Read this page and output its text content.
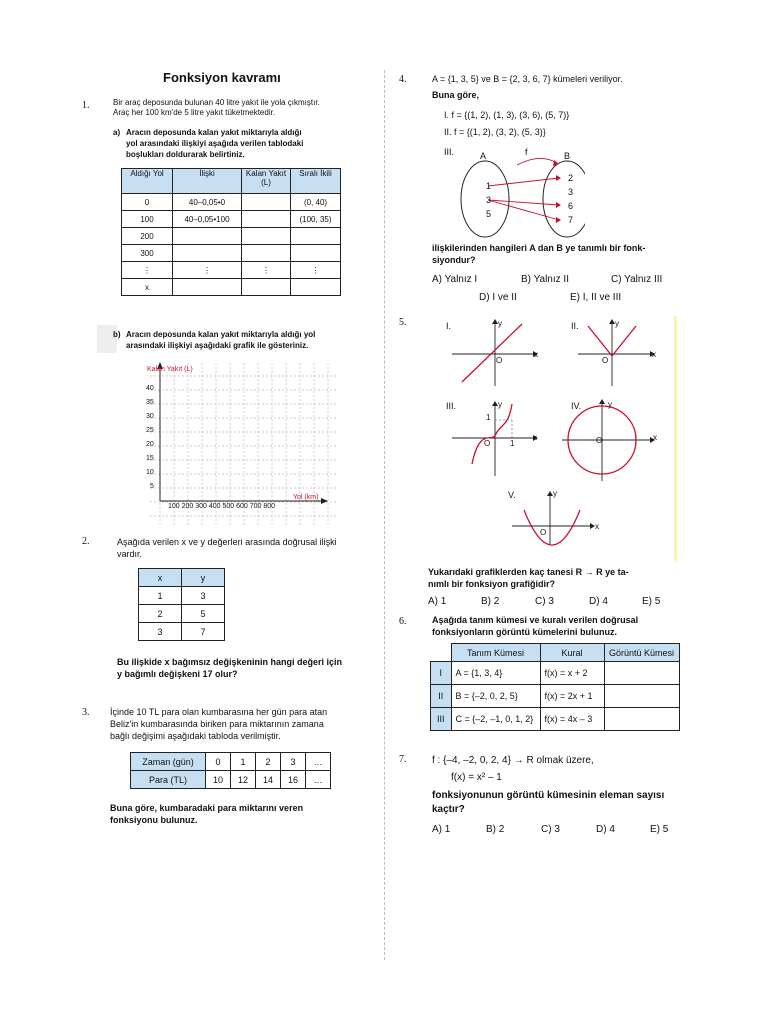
Fonksiyon kavramı
1.	Bir araç deposunda bulunan 40 litre yakıt ile yola çıkmıştır.
Araç her 100 km'de 5 litre yakıt tüketmektedir.
a) Aracın deposunda kalan yakıt miktarıyla aldığı
yol arasındaki ilişkiyi aşağıda verilen tablodaki
boşlukları doldurarak belirtiniz.
Aldığı Yol	İlişki	Kalan Yakıt (L)	Sıralı İkili
0	40–0,05•0		(0, 40)
100	40–0,05•100		(100, 35)
200			
300			
⋮	⋮	⋮	⋮
x			
b) Aracın deposunda kalan yakıt miktarıyla aldığı yol
arasındaki ilişkiyi aşağıdaki grafik ile gösteriniz.
Kalan Yakıt (L)
Yol (km)
40
35
30
25
20
15
10
5
100 200 300 400 500 600 700 800
2.	Aşağıda verilen x ve y değerleri arasında doğrusal ilişki
vardır.
x	y
1	3
2	5
3	7
Bu ilişkide x bağımsız değişkeninin hangi değeri için
y bağımlı değişkeni 17 olur?
3. İçinde 10 TL para olan kumbarasına her gün para atan
Beliz'in kumbarasında biriken para miktarının zamana
bağlı değişimi aşağıdaki tabloda verilmiştir.
Zaman (gün)	0	1	2	3	…
Para (TL)	10	12	14	16	…
Buna göre, kumbaradaki para miktarını veren
fonksiyonu bulunuz.
4.	A = {1, 3, 5} ve B = {2, 3, 6, 7} kümeleri veriliyor.
Buna göre,
I. f = {(1, 2), (1, 3), (3, 6), (5, 7)}
II. f = {(1, 2), (3, 2), (5, 3)}
III.	A	B
f
1
3
5
2
3
6
7
ilişkilerinden hangileri A dan B ye tanımlı bir fonk-
siyondur?
A) Yalnız I	B) Yalnız II	C) Yalnız III
D) I ve II	E) I, II ve III
5.	I.	II.
III.	IV.
V.
y
x
O
y
x
O
y
x
O
1
1
y
x
O
y
x
O
Yukarıdaki grafiklerden kaç tanesi R → R ye ta-
nımlı bir fonksiyon grafiğidir?
A) 1	B) 2	C) 3	D) 4	E) 5
6.	Aşağıda tanım kümesi ve kuralı verilen doğrusal
fonksiyonların görüntü kümelerini bulunuz.
	Tanım Kümesi	Kural	Görüntü Kümesi
I	A = {1, 3, 4}	f(x) = x + 2	
II	B = {–2, 0, 2, 5}	f(x) = 2x + 1	
III	C = {–2, –1, 0, 1, 2}	f(x) = 4x – 3	
7.	f : {–4, –2, 0, 2, 4} → R olmak üzere,
f(x) = x² – 1
fonksiyonunun görüntü kümesinin eleman sayısı
kaçtır?
A) 1	B) 2	C) 3	D) 4	E) 5
